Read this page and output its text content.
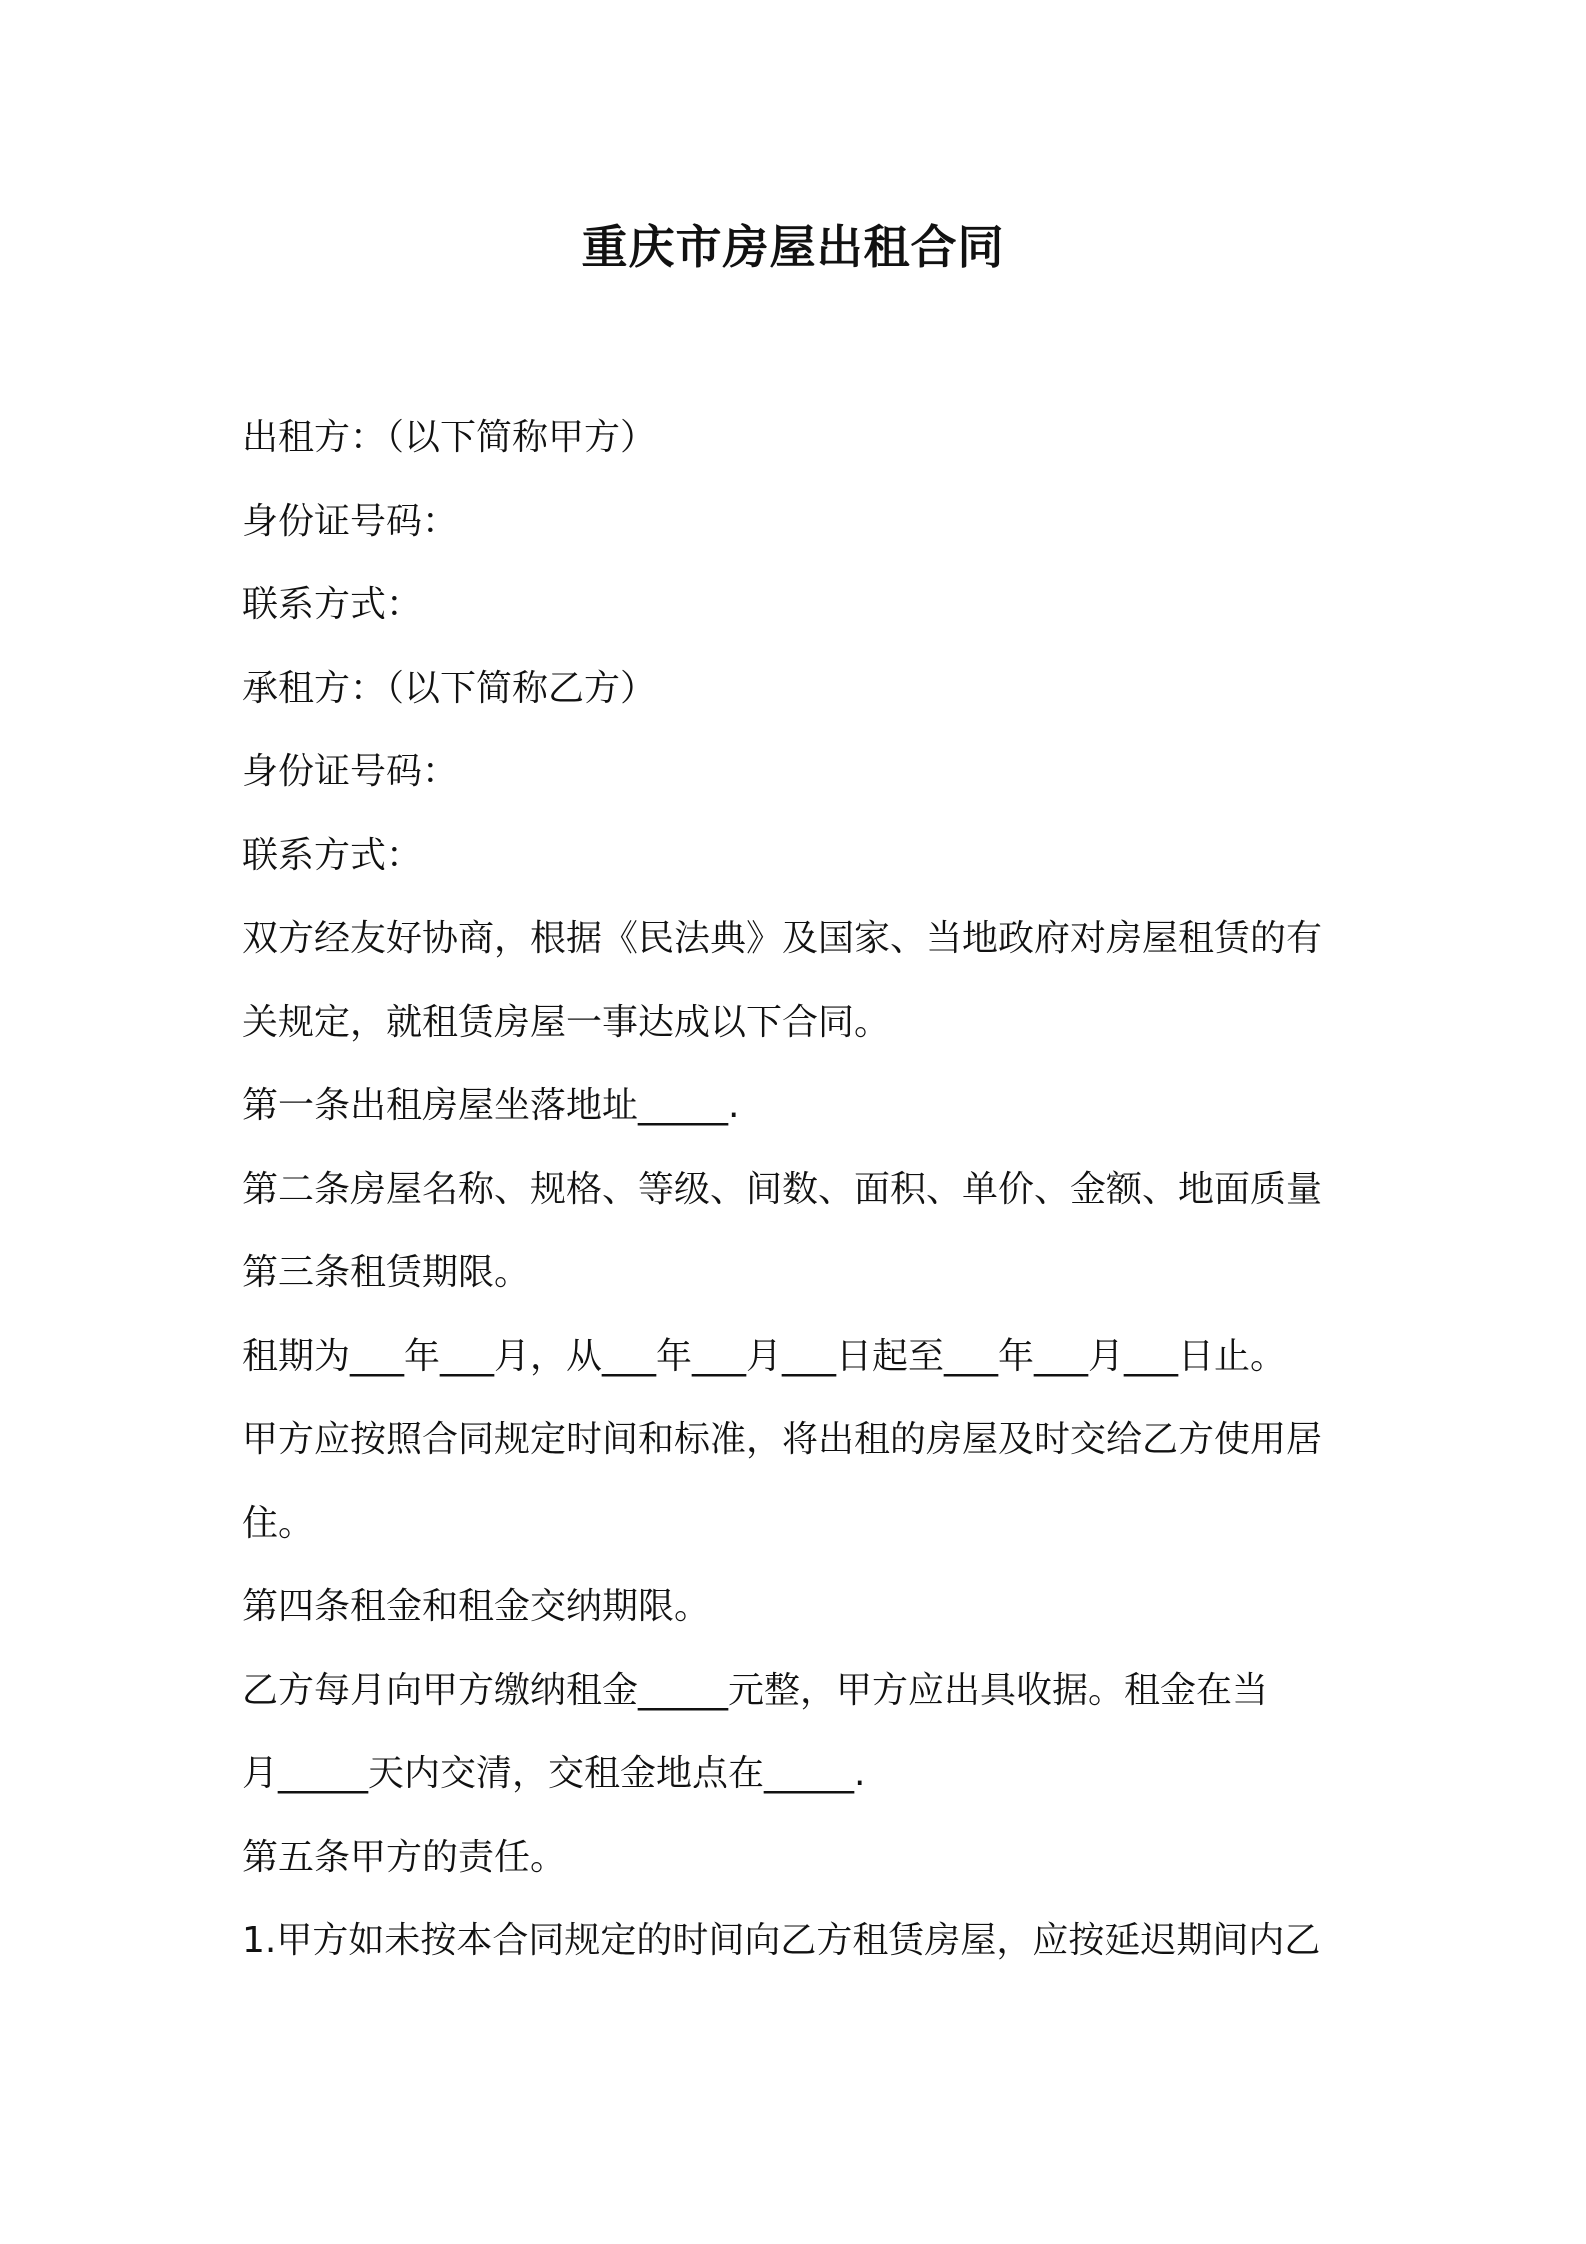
重庆市房屋出租合同
出租方：（以下简称甲方）
身份证号码：
联系方式：
承租方：（以下简称乙方）
身份证号码：
联系方式：
双方经友好协商，根据《民法典》及国家、当地政府对房屋租赁的有
关规定，就租赁房屋一事达成以下合同。
第一条出租房屋坐落地址_____.
第二条房屋名称、规格、等级、间数、面积、单价、金额、地面质量
第三条租赁期限。
租期为___年___月，从___年___月___日起至___年___月___日止。
甲方应按照合同规定时间和标准，将出租的房屋及时交给乙方使用居
住。
第四条租金和租金交纳期限。
乙方每月向甲方缴纳租金_____元整，甲方应出具收据。租金在当
月_____天内交清，交租金地点在_____.
第五条甲方的责任。
1.甲方如未按本合同规定的时间向乙方租赁房屋，应按延迟期间内乙
